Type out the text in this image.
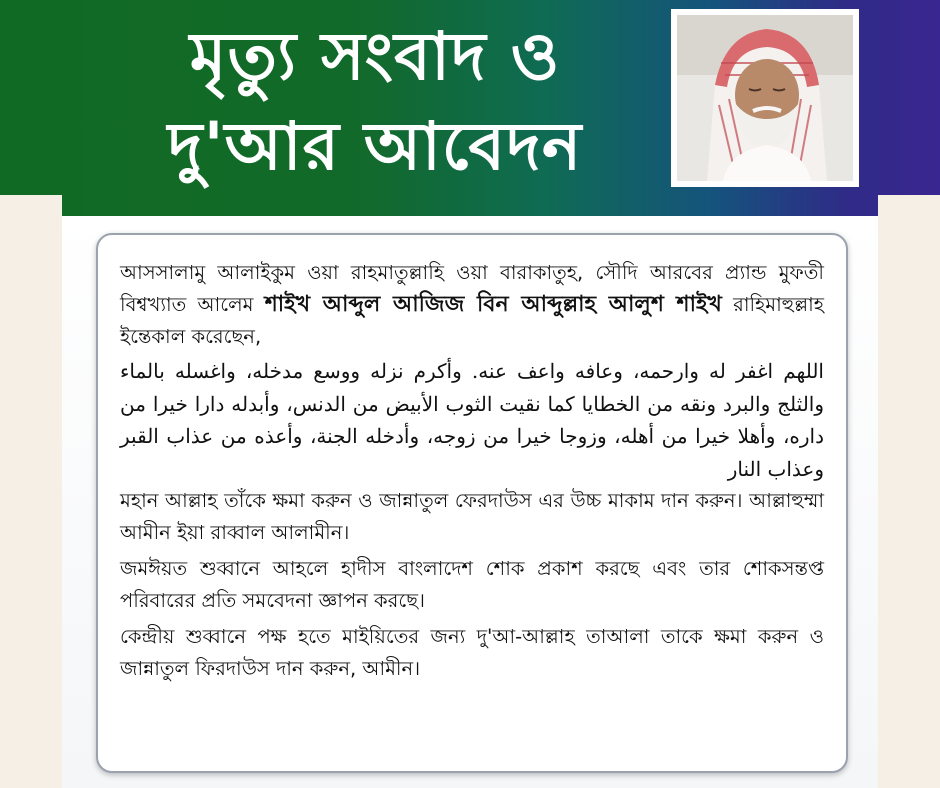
মৃত্যু সংবাদ ও
দু'আর আবেদন

আসসালামু আলাইকুম ওয়া রাহমাতুল্লাহি ওয়া বারাকাতুহ, সৌদি আরবের প্র্যান্ড মুফতী বিশ্বখ্যাত আলেম শাইখ আব্দুল আজিজ বিন আব্দুল্লাহ আলুশ শাইখ রাহিমাহুল্লাহ ইন্তেকাল করেছেন,

اللهم اغفر له وارحمه، وعافه واعف عنه. وأكرم نزله ووسع مدخله، واغسله بالماء والثلج والبرد ونقه من الخطايا كما نقيت الثوب الأبيض من الدنس، وأبدله دارا خيرا من داره، وأهلا خيرا من أهله، وزوجا خيرا من زوجه، وأدخله الجنة، وأعذه من عذاب القبر وعذاب النار

মহান আল্লাহ তাঁকে ক্ষমা করুন ও জান্নাতুল ফেরদাউস এর উচ্চ মাকাম দান করুন। আল্লাহুম্মা আমীন ইয়া রাব্বাল আলামীন।

জমঈয়ত শুব্বানে আহলে হাদীস বাংলাদেশ শোক প্রকাশ করছে এবং তার শোকসন্তপ্ত পরিবারের প্রতি সমবেদনা জ্ঞাপন করছে।

কেন্দ্রীয় শুব্বানে পক্ষ হতে মাইয়িতের জন্য দু'আ-আল্লাহ তাআলা তাকে ক্ষমা করুন ও জান্নাতুল ফিরদাউস দান করুন, আমীন।
